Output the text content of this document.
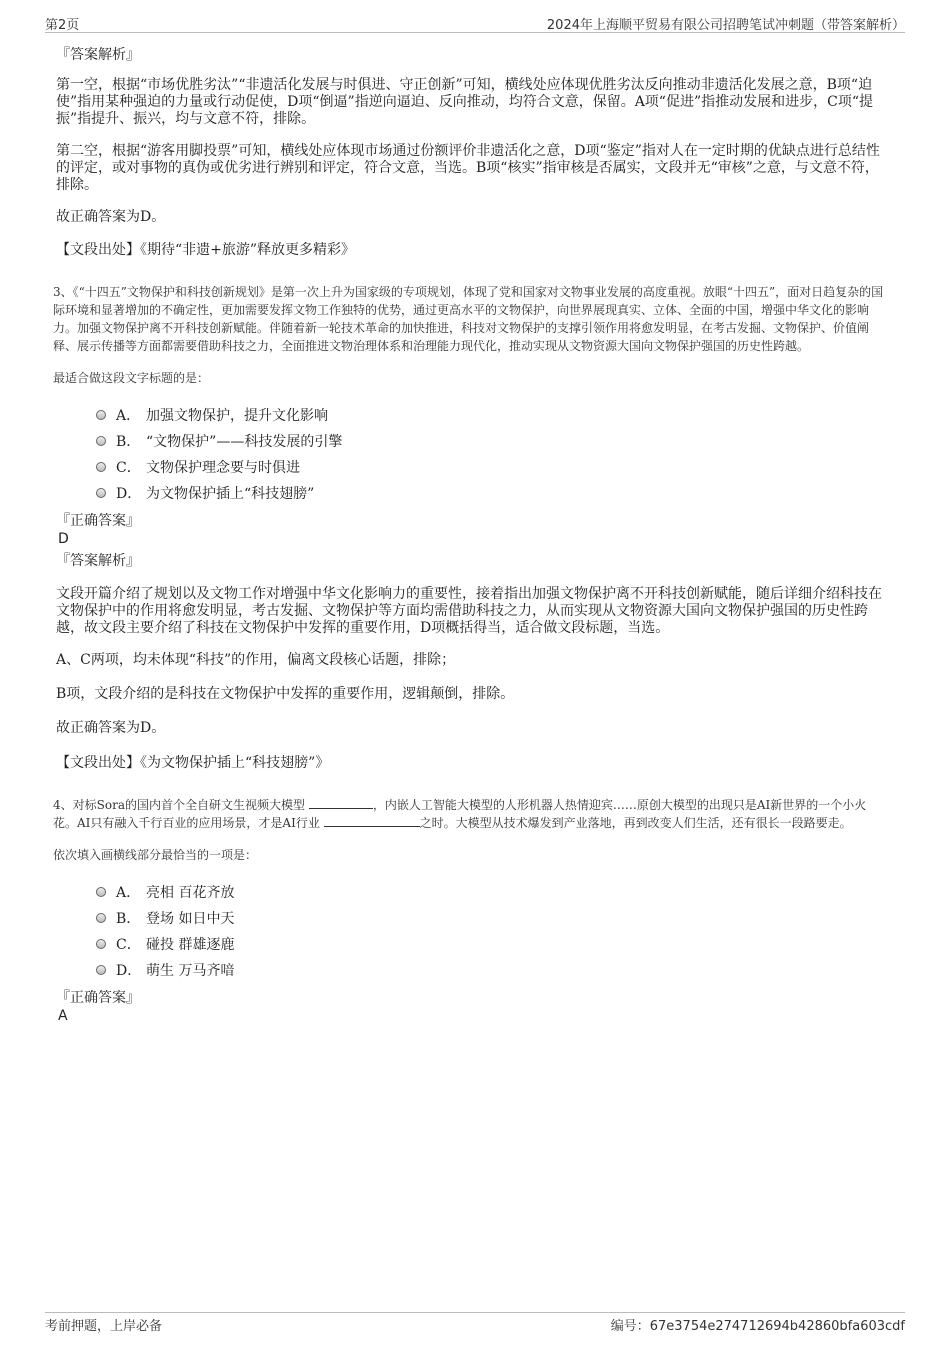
第2页	2024年上海顺平贸易有限公司招聘笔试冲刺题（带答案解析）
『答案解析』
第一空，根据“市场优胜劣汰”“非遗活化发展与时俱进、守正创新”可知，横线处应体现优胜劣汰反向推动非遗活化发展之意，B项“迫使”指用某种强迫的力量或行动促使，D项“倒逼”指逆向逼迫、反向推动，均符合文意，保留。A项“促进”指推动发展和进步，C项“提振”指提升、振兴，均与文意不符，排除。
第二空，根据“游客用脚投票”可知，横线处应体现市场通过份额评价非遗活化之意，D项“鉴定”指对人在一定时期的优缺点进行总结性的评定，或对事物的真伪或优劣进行辨别和评定，符合文意，当选。B项“核实”指审核是否属实，文段并无“审核”之意，与文意不符，排除。
故正确答案为D。
【文段出处】《期待“非遗+旅游”释放更多精彩》
3、《“十四五”文物保护和科技创新规划》是第一次上升为国家级的专项规划，体现了党和国家对文物事业发展的高度重视。放眼“十四五”，面对日趋复杂的国际环境和显著增加的不确定性，更加需要发挥文物工作独特的优势，通过更高水平的文物保护，向世界展现真实、立体、全面的中国，增强中华文化的影响力。加强文物保护离不开科技创新赋能。伴随着新一轮技术革命的加快推进，科技对文物保护的支撑引领作用将愈发明显，在考古发掘、文物保护、价值阐释、展示传播等方面都需要借助科技之力，全面推进文物治理体系和治理能力现代化，推动实现从文物资源大国向文物保护强国的历史性跨越。
最适合做这段文字标题的是：
A． 加强文物保护，提升文化影响
B． “文物保护”——科技发展的引擎
C． 文物保护理念要与时俱进
D． 为文物保护插上“科技翅膀”
『正确答案』
D
『答案解析』
文段开篇介绍了规划以及文物工作对增强中华文化影响力的重要性，接着指出加强文物保护离不开科技创新赋能，随后详细介绍科技在文物保护中的作用将愈发明显，考古发掘、文物保护等方面均需借助科技之力，从而实现从文物资源大国向文物保护强国的历史性跨越，故文段主要介绍了科技在文物保护中发挥的重要作用，D项概括得当，适合做文段标题，当选。
A、C两项，均未体现“科技”的作用，偏离文段核心话题，排除；
B项，文段介绍的是科技在文物保护中发挥的重要作用，逻辑颠倒，排除。
故正确答案为D。
【文段出处】《为文物保护插上“科技翅膀”》
4、对标Sora的国内首个全自研文生视频大模型	，内嵌人工智能大模型的人形机器人热情迎宾……原创大模型的出现只是AI新世界的一个小火花。AI只有融入千行百业的应用场景，才是AI行业	之时。大模型从技术爆发到产业落地，再到改变人们生活，还有很长一段路要走。
依次填入画横线部分最恰当的一项是：
A． 亮相 百花齐放
B． 登场 如日中天
C． 碰投 群雄逐鹿
D． 萌生 万马齐喑
『正确答案』
A
考前押题，上岸必备	编号：67e3754e274712694b42860bfa603cdf
